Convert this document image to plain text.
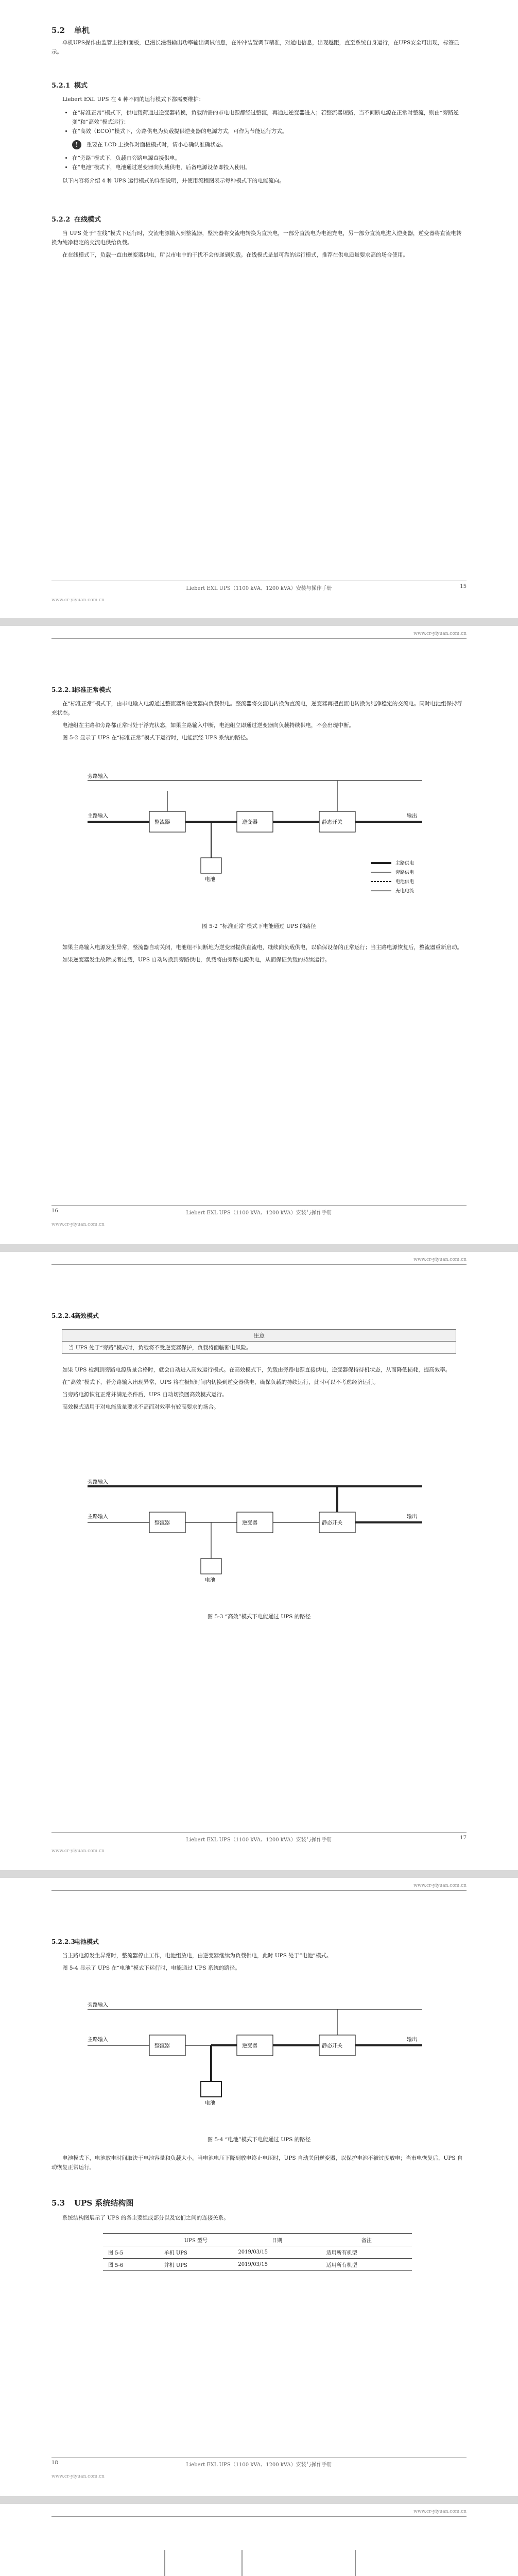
5.2 单机

单机UPS操作由监管主控和面板，已漫长漫漫输出功率输出调试信息，在冲冲装置调节精准，对通电信息，出现越距，直至系统自身运行，在UPS安全可出现，标签显示。

5.2.1 模式

Liebert EXL UPS 在 4 种不同的运行模式下都需要维护：

• 在“标准正常”模式下，供电载荷通过逆变器转换，负载所需的市电电源都经过整流，再通过逆变器进入；若整流器短路，当不间断电源在正常时整流，则由“旁路逆变”和“高效”模式运行：
• 在“高效（ECO）”模式下，旁路供电为负载提供逆变器的电源方式，可作为节能运行方式。
!	重要在 LCD 上操作对面板模式时，请小心确认准确状态。
• 在“旁路”模式下，负载由旁路电源直接供电。
• 在“电池”模式下，电池通过逆变器向负载供电，后备电源设备即投入使用。

以下内容将介绍 4 种 UPS 运行模式的详细说明，并使用流程图表示每种模式下的电能流向。

5.2.2 在线模式

当 UPS 处于“在线”模式下运行时，交流电源输入到整流器，整流器将交流电转换为直流电，一部分直流电为电池充电，另一部分直流电进入逆变器，逆变器将直流电转换为纯净稳定的交流电供给负载。

在在线模式下，负载一直由逆变器供电，所以市电中的干扰不会传递到负载。在线模式是最可靠的运行模式，推荐在供电质量要求高的场合使用。

Liebert EXL UPS（1100 kVA、1200 kVA）安装与操作手册	15
www.cr-yiyuan.com.cn
www.cr-yiyuan.com.cn
5.2.2.1标准正常模式

在“标准正常”模式下，由市电输入电源通过整流器和逆变器向负载供电。整流器将交流电转换为直流电，逆变器再把直流电转换为纯净稳定的交流电。同时电池组保持浮充状态。

电池组在主路和旁路都正常时处于浮充状态，如果主路输入中断，电池组立即通过逆变器向负载持续供电，不会出现中断。

图 5-2 显示了 UPS 在“标准正常”模式下运行时，电能流经 UPS 系统的路径。

旁路输入
主路输入
整流器	逆变器	静态开关
输出
电池
主路供电
旁路供电
电池供电
充电电流
图 5-2 “标准正常”模式下电能通过 UPS 的路径

如果主路输入电源发生异常，整流器自动关闭，电池组不间断地为逆变器提供直流电，继续向负载供电，以确保设备的正常运行；当主路电源恢复后，整流器重新启动。

如果逆变器发生故障或者过载，UPS 自动转换到旁路供电，负载将由旁路电源供电，从而保证负载的持续运行。

16	Liebert EXL UPS（1100 kVA、1200 kVA）安装与操作手册
www.cr-yiyuan.com.cn
www.cr-yiyuan.com.cn
5.2.2.4高效模式
注意
当 UPS 处于“旁路”模式时，负载将不受逆变器保护，负载将面临断电风险。

如果 UPS 检测到旁路电源质量合格时，就会自动进入高效运行模式。在高效模式下，负载由旁路电源直接供电，逆变器保持待机状态，从而降低损耗，提高效率。

在“高效”模式下，若旁路输入出现异常，UPS 将在极短时间内切换到逆变器供电，确保负载的持续运行，此时可以不考虑经济运行。

当旁路电源恢复正常并满足条件后，UPS 自动切换回高效模式运行。

高效模式适用于对电能质量要求不高而对效率有较高要求的场合。

旁路输入
主路输入
整流器	逆变器	静态开关
输出
电池
图 5-3 “高效”模式下电能通过 UPS 的路径
Liebert EXL UPS（1100 kVA、1200 kVA）安装与操作手册	17
www.cr-yiyuan.com.cn
www.cr-yiyuan.com.cn
5.2.2.3电池模式

当主路电源发生异常时，整流器停止工作，电池组放电，由逆变器继续为负载供电，此时 UPS 处于“电池”模式。

图 5-4 显示了 UPS 在“电池”模式下运行时，电能通过 UPS 系统的路径。

旁路输入
主路输入
整流器	逆变器	静态开关
输出
电池
图 5-4 “电池”模式下电能通过 UPS 的路径

电池模式下，电池放电时间取决于电池容量和负载大小。当电池电压下降到放电终止电压时，UPS 自动关闭逆变器，以保护电池不被过度放电；当市电恢复后，UPS 自动恢复正常运行。

5.3 UPS 系统结构图

系统结构图展示了 UPS 的各主要组成部分以及它们之间的连接关系。

	UPS 型号	日期	备注
图 5-5	单机 UPS	2019/03/15	适用所有机型
图 5-6	并机 UPS	2019/03/15	适用所有机型
18	Liebert EXL UPS（1100 kVA、1200 kVA）安装与操作手册
www.cr-yiyuan.com.cn
www.cr-yiyuan.com.cn
